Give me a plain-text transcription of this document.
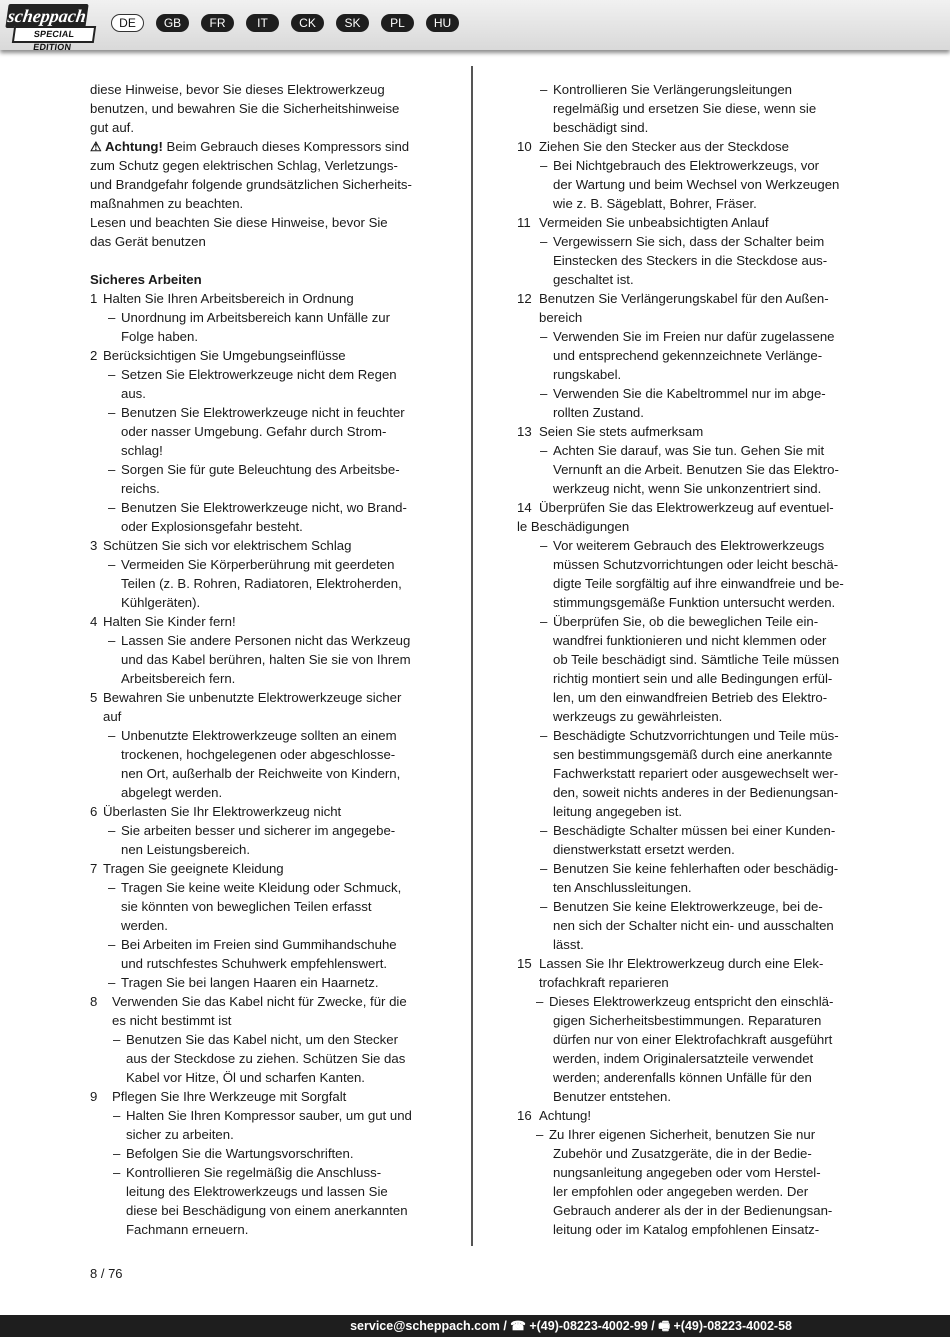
scheppach
SPECIAL EDITION
DE	GB	FR	IT	CK	SK	PL	HU
diese Hinweise, bevor Sie dieses Elektrowerkzeug
benutzen, und bewahren Sie die Sicherheitshinweise
gut auf.
⚠ Achtung! Beim Gebrauch dieses Kompressors sind
zum Schutz gegen elektrischen Schlag, Verletzungs-
und Brandgefahr folgende grundsätzlichen Sicherheits-
maßnahmen zu beachten.
Lesen und beachten Sie diese Hinweise, bevor Sie
das Gerät benutzen
Sicheres Arbeiten
1 Halten Sie Ihren Arbeitsbereich in Ordnung
– Unordnung im Arbeitsbereich kann Unfälle zur
Folge haben.
2 Berücksichtigen Sie Umgebungseinflüsse
– Setzen Sie Elektrowerkzeuge nicht dem Regen
aus.
– Benutzen Sie Elektrowerkzeuge nicht in feuchter
oder nasser Umgebung. Gefahr durch Strom-
schlag!
– Sorgen Sie für gute Beleuchtung des Arbeitsbe-
reichs.
– Benutzen Sie Elektrowerkzeuge nicht, wo Brand-
oder Explosionsgefahr besteht.
3 Schützen Sie sich vor elektrischem Schlag
– Vermeiden Sie Körperberührung mit geerdeten
Teilen (z. B. Rohren, Radiatoren, Elektroherden,
Kühlgeräten).
4 Halten Sie Kinder fern!
– Lassen Sie andere Personen nicht das Werkzeug
und das Kabel berühren, halten Sie sie von Ihrem
Arbeitsbereich fern.
5 Bewahren Sie unbenutzte Elektrowerkzeuge sicher
auf
– Unbenutzte Elektrowerkzeuge sollten an einem
trockenen, hochgelegenen oder abgeschlosse-
nen Ort, außerhalb der Reichweite von Kindern,
abgelegt werden.
6 Überlasten Sie Ihr Elektrowerkzeug nicht
– Sie arbeiten besser und sicherer im angegebe-
nen Leistungsbereich.
7 Tragen Sie geeignete Kleidung
– Tragen Sie keine weite Kleidung oder Schmuck,
sie könnten von beweglichen Teilen erfasst
werden.
– Bei Arbeiten im Freien sind Gummihandschuhe
und rutschfestes Schuhwerk empfehlenswert.
– Tragen Sie bei langen Haaren ein Haarnetz.
8 Verwenden Sie das Kabel nicht für Zwecke, für die
es nicht bestimmt ist
– Benutzen Sie das Kabel nicht, um den Stecker
aus der Steckdose zu ziehen. Schützen Sie das
Kabel vor Hitze, Öl und scharfen Kanten.
9 Pflegen Sie Ihre Werkzeuge mit Sorgfalt
– Halten Sie Ihren Kompressor sauber, um gut und
sicher zu arbeiten.
– Befolgen Sie die Wartungsvorschriften.
– Kontrollieren Sie regelmäßig die Anschluss-
leitung des Elektrowerkzeugs und lassen Sie
diese bei Beschädigung von einem anerkannten
Fachmann erneuern.
– Kontrollieren Sie Verlängerungsleitungen
regelmäßig und ersetzen Sie diese, wenn sie
beschädigt sind.
10 Ziehen Sie den Stecker aus der Steckdose
– Bei Nichtgebrauch des Elektrowerkzeugs, vor
der Wartung und beim Wechsel von Werkzeugen
wie z. B. Sägeblatt, Bohrer, Fräser.
11 Vermeiden Sie unbeabsichtigten Anlauf
– Vergewissern Sie sich, dass der Schalter beim
Einstecken des Steckers in die Steckdose aus-
geschaltet ist.
12 Benutzen Sie Verlängerungskabel für den Außen-
bereich
– Verwenden Sie im Freien nur dafür zugelassene
und entsprechend gekennzeichnete Verlänge-
rungskabel.
– Verwenden Sie die Kabeltrommel nur im abge-
rollten Zustand.
13 Seien Sie stets aufmerksam
– Achten Sie darauf, was Sie tun. Gehen Sie mit
Vernunft an die Arbeit. Benutzen Sie das Elektro-
werkzeug nicht, wenn Sie unkonzentriert sind.
14 Überprüfen Sie das Elektrowerkzeug auf eventuel-
le Beschädigungen
– Vor weiterem Gebrauch des Elektrowerkzeugs
müssen Schutzvorrichtungen oder leicht beschä-
digte Teile sorgfältig auf ihre einwandfreie und be-
stimmungsgemäße Funktion untersucht werden.
– Überprüfen Sie, ob die beweglichen Teile ein-
wandfrei funktionieren und nicht klemmen oder
ob Teile beschädigt sind. Sämtliche Teile müssen
richtig montiert sein und alle Bedingungen erfül-
len, um den einwandfreien Betrieb des Elektro-
werkzeugs zu gewährleisten.
– Beschädigte Schutzvorrichtungen und Teile müs-
sen bestimmungsgemäß durch eine anerkannte
Fachwerkstatt repariert oder ausgewechselt wer-
den, soweit nichts anderes in der Bedienungsan-
leitung angegeben ist.
– Beschädigte Schalter müssen bei einer Kunden-
dienstwerkstatt ersetzt werden.
– Benutzen Sie keine fehlerhaften oder beschädig-
ten Anschlussleitungen.
– Benutzen Sie keine Elektrowerkzeuge, bei de-
nen sich der Schalter nicht ein- und ausschalten
lässt.
15 Lassen Sie Ihr Elektrowerkzeug durch eine Elek-
trofachkraft reparieren
– Dieses Elektrowerkzeug entspricht den einschlä-
gigen Sicherheitsbestimmungen. Reparaturen
dürfen nur von einer Elektrofachkraft ausgeführt
werden, indem Originalersatzteile verwendet
werden; anderenfalls können Unfälle für den
Benutzer entstehen.
16 Achtung!
– Zu Ihrer eigenen Sicherheit, benutzen Sie nur
Zubehör und Zusatzgeräte, die in der Bedie-
nungsanleitung angegeben oder vom Herstel-
ler empfohlen oder angegeben werden. Der
Gebrauch anderer als der in der Bedienungsan-
leitung oder im Katalog empfohlenen Einsatz-
8 / 76
service@scheppach.com / ☎ +(49)-08223-4002-99 / 🖷 +(49)-08223-4002-58
